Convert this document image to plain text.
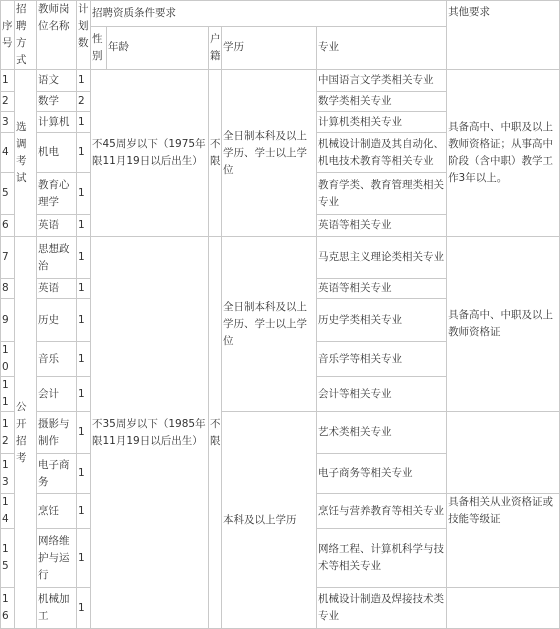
序号	招聘方式	教师岗位名称	计划数	招聘资质条件要求					其他要求
				性别	年龄	户籍	学历	专业	
1	选调考试	语文	1	不45周岁以下（1975年限11月19日以后出生）		不限	全日制本科及以上学历、学士以上学位	中国语言文学类相关专业	具备高中、中职及以上教师资格证；从事高中阶段（含中职）教学工作3年以上。
2		数学	2					数学类相关专业	
3		计算机	1					计算机类相关专业	
4		机电	1					机械设计制造及其自动化、机电技术教育等相关专业	
5		教育心理学	1					教育学类、教育管理类相关专业	
6		英语	1					英语等相关专业	
7	公开招考	思想政治	1	不35周岁以下（1985年限11月19日以后出生）		不限	全日制本科及以上学历、学士以上学位	马克思主义理论类相关专业	具备高中、中职及以上教师资格证
8		英语	1					英语等相关专业	
9		历史	1					历史学类相关专业	
10		音乐	1					音乐学等相关专业	
11		会计	1					会计等相关专业	
12		摄影与制作	1				本科及以上学历	艺术类相关专业	
13		电子商务	1					电子商务等相关专业	
14		烹饪	1					烹饪与营养教育等相关专业	具备相关从业资格证或技能等级证
15		网络维护与运行	1					网络工程、计算机科学与技术等相关专业	
16		机械加工	1					机械设计制造及焊接技术类专业	
